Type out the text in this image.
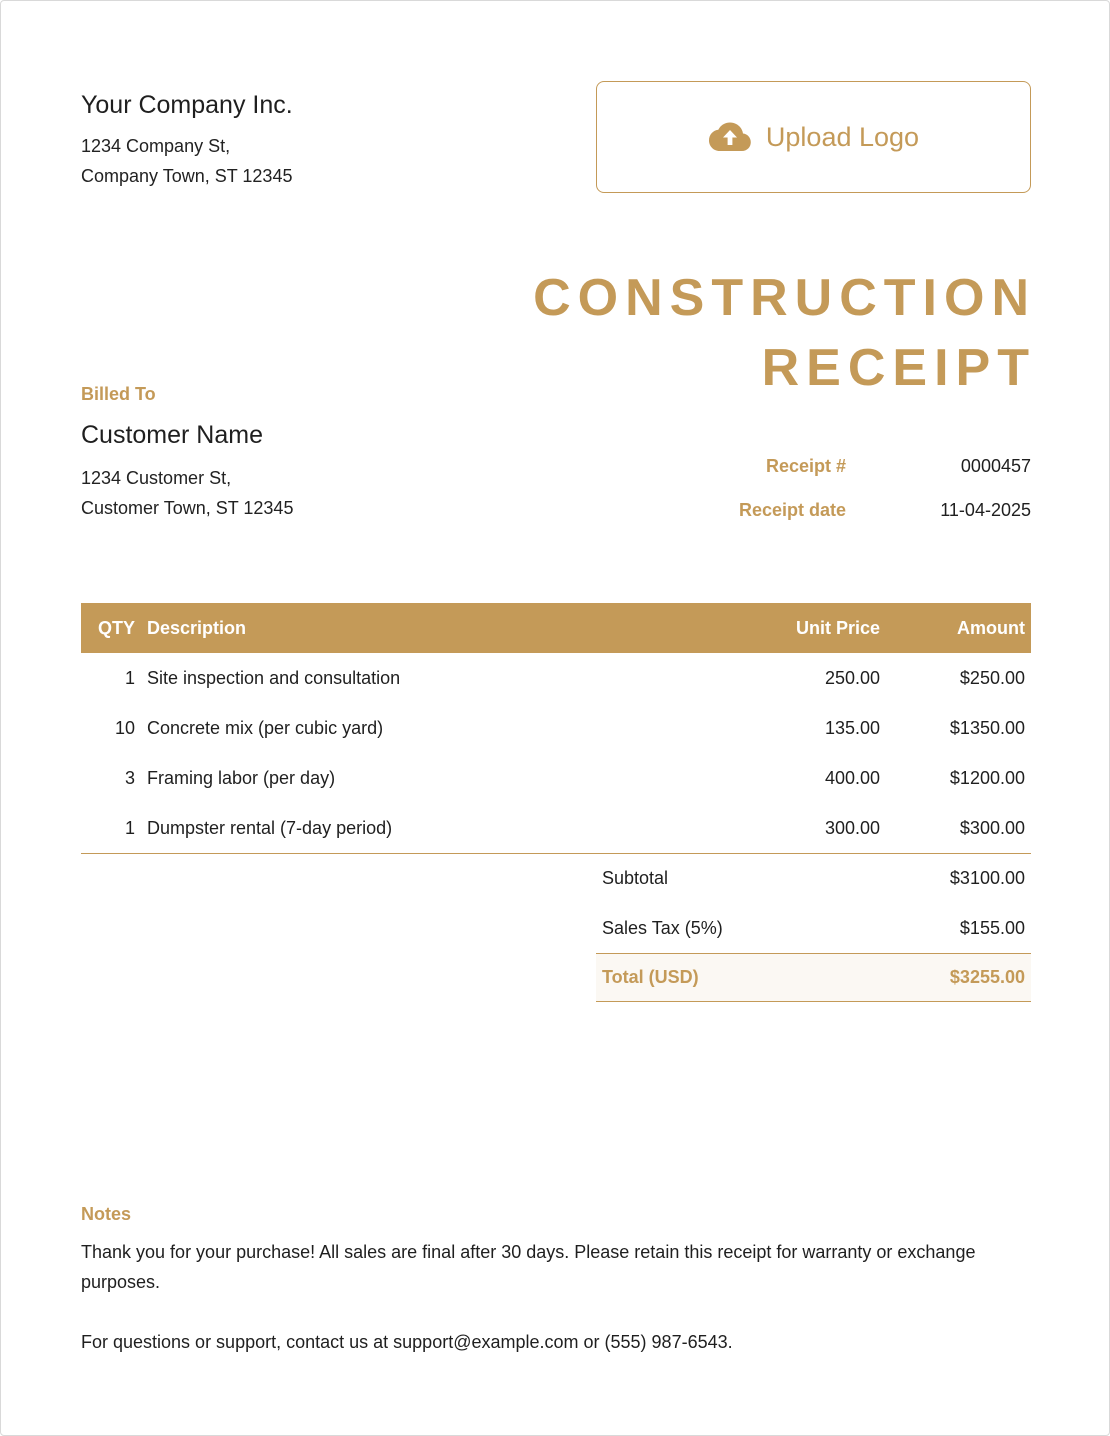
Your Company Inc.
1234 Company St,
Company Town, ST 12345
Upload Logo
CONSTRUCTION
RECEIPT
Billed To
Customer Name
1234 Customer St,
Customer Town, ST 12345
Receipt #	0000457
Receipt date	11-04-2025
QTY Description	Unit Price	Amount
1 Site inspection and consultation	250.00	$250.00
10 Concrete mix (per cubic yard)	135.00	$1350.00
3 Framing labor (per day)	400.00	$1200.00
1 Dumpster rental (7-day period)	300.00	$300.00
Subtotal	$3100.00
Sales Tax (5%)	$155.00
Total (USD)	$3255.00
Notes
Thank you for your purchase! All sales are final after 30 days. Please retain this receipt for warranty or exchange purposes.
For questions or support, contact us at support@example.com or (555) 987-6543.
